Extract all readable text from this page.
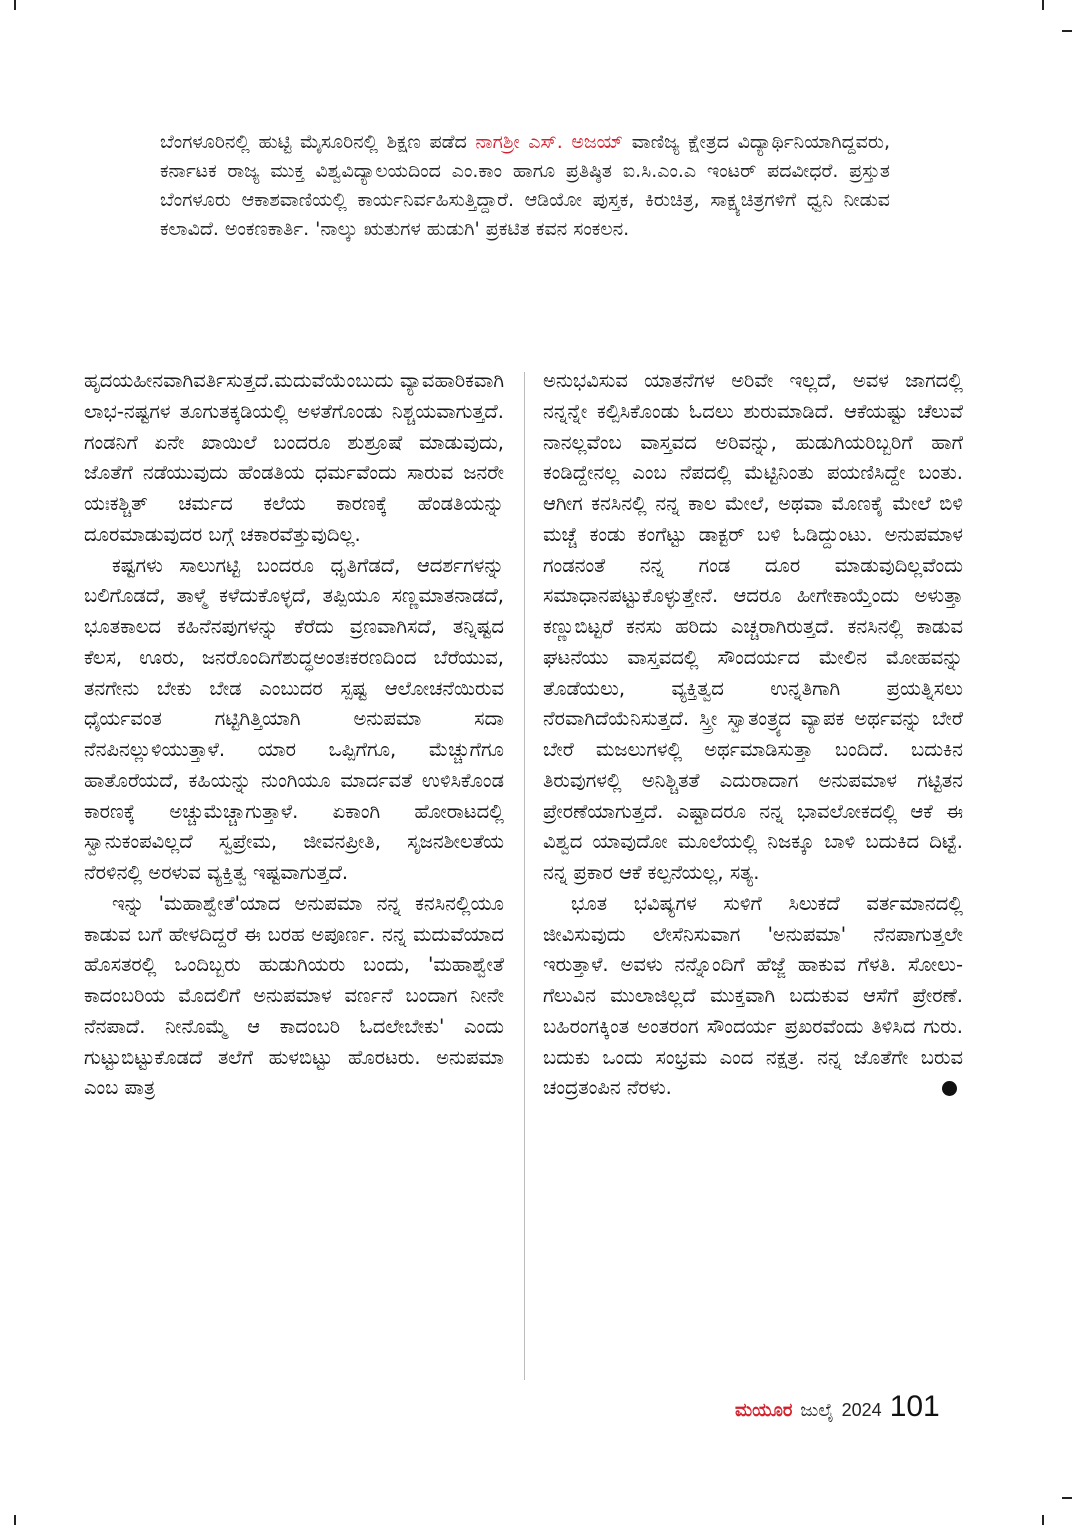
ಬೆಂಗಳೂರಿನಲ್ಲಿ ಹುಟ್ಟಿ ಮೈಸೂರಿನಲ್ಲಿ ಶಿಕ್ಷಣ ಪಡೆದ ನಾಗಶ್ರೀ ಎಸ್. ಅಜಯ್ ವಾಣಿಜ್ಯ ಕ್ಷೇತ್ರದ ವಿದ್ಯಾರ್ಥಿನಿಯಾಗಿದ್ದವರು, ಕರ್ನಾಟಕ ರಾಜ್ಯ ಮುಕ್ತ ವಿಶ್ವವಿದ್ಯಾಲಯದಿಂದ ಎಂ.ಕಾಂ ಹಾಗೂ ಪ್ರತಿಷ್ಠಿತ ಐ.ಸಿ.ಎಂ.ಎ ಇಂಟರ್ ಪದವೀಧರೆ. ಪ್ರಸ್ತುತ ಬೆಂಗಳೂರು ಆಕಾಶವಾಣಿಯಲ್ಲಿ ಕಾರ್ಯನಿರ್ವಹಿಸುತ್ತಿದ್ದಾರೆ. ಆಡಿಯೋ ಪುಸ್ತಕ, ಕಿರುಚಿತ್ರ, ಸಾಕ್ಷ್ಯಚಿತ್ರಗಳಿಗೆ ಧ್ವನಿ ನೀಡುವ ಕಲಾವಿದೆ. ಅಂಕಣಕಾರ್ತಿ. 'ನಾಲ್ಕು ಋತುಗಳ ಹುಡುಗಿ' ಪ್ರಕಟಿತ ಕವನ ಸಂಕಲನ.

ಹೃದಯಹೀನವಾಗಿವರ್ತಿಸುತ್ತದೆ.ಮದುವೆಯೆಂಬುದು ವ್ಯಾವಹಾರಿಕವಾಗಿ ಲಾಭ-ನಷ್ಟಗಳ ತೂಗುತಕ್ಕಡಿಯಲ್ಲಿ ಅಳತೆಗೊಂಡು ನಿಶ್ಚಯವಾಗುತ್ತದೆ. ಗಂಡನಿಗೆ ಏನೇ ಖಾಯಿಲೆ ಬಂದರೂ ಶುಶ್ರೂಷೆ ಮಾಡುವುದು, ಜೊತೆಗೆ ನಡೆಯುವುದು ಹೆಂಡತಿಯ ಧರ್ಮವೆಂದು ಸಾರುವ ಜನರೇ ಯಃಕಶ್ಚಿತ್ ಚರ್ಮದ ಕಲೆಯ ಕಾರಣಕ್ಕೆ ಹೆಂಡತಿಯನ್ನು ದೂರಮಾಡುವುದರ ಬಗ್ಗೆ ಚಕಾರವೆತ್ತುವುದಿಲ್ಲ.

ಕಷ್ಟಗಳು ಸಾಲುಗಟ್ಟಿ ಬಂದರೂ ಧೃತಿಗೆಡದೆ, ಆದರ್ಶಗಳನ್ನು ಬಲಿಗೊಡದೆ, ತಾಳ್ಮೆ ಕಳೆದುಕೊಳ್ಳದೆ, ತಪ್ಪಿಯೂ ಸಣ್ಣಮಾತನಾಡದೆ, ಭೂತಕಾಲದ ಕಹಿನೆನಪುಗಳನ್ನು ಕೆರೆದು ವ್ರಣವಾಗಿಸದೆ, ತನ್ನಿಷ್ಟದ ಕೆಲಸ, ಊರು, ಜನರೊಂದಿಗೆಶುದ್ಧಅಂತಃಕರಣದಿಂದ ಬೆರೆಯುವ, ತನಗೇನು ಬೇಕು ಬೇಡ ಎಂಬುದರ ಸ್ಪಷ್ಟ ಆಲೋಚನೆಯಿರುವ ಧೈರ್ಯವಂತ ಗಟ್ಟಿಗಿತ್ತಿಯಾಗಿ ಅನುಪಮಾ ಸದಾ ನೆನಪಿನಲ್ಲುಳಿಯುತ್ತಾಳೆ. ಯಾರ ಒಪ್ಪಿಗೆಗೂ, ಮೆಚ್ಚುಗೆಗೂ ಹಾತೊರೆಯದೆ, ಕಹಿಯನ್ನು ನುಂಗಿಯೂ ಮಾರ್ದವತೆ ಉಳಿಸಿಕೊಂಡ ಕಾರಣಕ್ಕೆ ಅಚ್ಚುಮೆಚ್ಚಾಗುತ್ತಾಳೆ. ಏಕಾಂಗಿ ಹೋರಾಟದಲ್ಲಿ ಸ್ವಾನುಕಂಪವಿಲ್ಲದೆ ಸ್ವಪ್ರೇಮ, ಜೀವನಪ್ರೀತಿ, ಸೃಜನಶೀಲತೆಯ ನೆರಳಿನಲ್ಲಿ ಅರಳುವ ವ್ಯಕ್ತಿತ್ವ ಇಷ್ಟವಾಗುತ್ತದೆ.

ಇನ್ನು 'ಮಹಾಶ್ವೇತೆ'ಯಾದ ಅನುಪಮಾ ನನ್ನ ಕನಸಿನಲ್ಲಿಯೂ ಕಾಡುವ ಬಗೆ ಹೇಳದಿದ್ದರೆ ಈ ಬರಹ ಅಪೂರ್ಣ. ನನ್ನ ಮದುವೆಯಾದ ಹೊಸತರಲ್ಲಿ ಒಂದಿಬ್ಬರು ಹುಡುಗಿಯರು ಬಂದು, 'ಮಹಾಶ್ವೇತೆ ಕಾದಂಬರಿಯ ಮೊದಲಿಗೆ ಅನುಪಮಾಳ ವರ್ಣನೆ ಬಂದಾಗ ನೀನೇ ನೆನಪಾದೆ. ನೀನೊಮ್ಮೆ ಆ ಕಾದಂಬರಿ ಓದಲೇಬೇಕು' ಎಂದು ಗುಟ್ಟುಬಿಟ್ಟುಕೊಡದೆ ತಲೆಗೆ ಹುಳಬಿಟ್ಟು ಹೊರಟರು. ಅನುಪಮಾ ಎಂಬ ಪಾತ್ರ

ಅನುಭವಿಸುವ ಯಾತನೆಗಳ ಅರಿವೇ ಇಲ್ಲದೆ, ಅವಳ ಜಾಗದಲ್ಲಿ ನನ್ನನ್ನೇ ಕಲ್ಪಿಸಿಕೊಂಡು ಓದಲು ಶುರುಮಾಡಿದೆ. ಆಕೆಯಷ್ಟು ಚೆಲುವೆ ನಾನಲ್ಲವೆಂಬ ವಾಸ್ತವದ ಅರಿವನ್ನು, ಹುಡುಗಿಯರಿಬ್ಬರಿಗೆ ಹಾಗೆ ಕಂಡಿದ್ದೇನಲ್ಲ ಎಂಬ ನೆಪದಲ್ಲಿ ಮೆಟ್ಟಿನಿಂತು ಪಯಣಿಸಿದ್ದೇ ಬಂತು. ಆಗೀಗ ಕನಸಿನಲ್ಲಿ ನನ್ನ ಕಾಲ ಮೇಲೆ, ಅಥವಾ ಮೊಣಕೈ ಮೇಲೆ ಬಿಳಿ ಮಚ್ಚೆ ಕಂಡು ಕಂಗೆಟ್ಟು ಡಾಕ್ಟರ್ ಬಳಿ ಓಡಿದ್ದುಂಟು. ಅನುಪಮಾಳ ಗಂಡನಂತೆ ನನ್ನ ಗಂಡ ದೂರ ಮಾಡುವುದಿಲ್ಲವೆಂದು ಸಮಾಧಾನಪಟ್ಟುಕೊಳ್ಳುತ್ತೇನೆ. ಆದರೂ ಹೀಗೇಕಾಯ್ತೆಂದು ಅಳುತ್ತಾ ಕಣ್ಣುಬಿಟ್ಟರೆ ಕನಸು ಹರಿದು ಎಚ್ಚರಾಗಿರುತ್ತದೆ. ಕನಸಿನಲ್ಲಿ ಕಾಡುವ ಘಟನೆಯು ವಾಸ್ತವದಲ್ಲಿ ಸೌಂದರ್ಯದ ಮೇಲಿನ ಮೋಹವನ್ನು ತೊಡೆಯಲು, ವ್ಯಕ್ತಿತ್ವದ ಉನ್ನತಿಗಾಗಿ ಪ್ರಯತ್ನಿಸಲು ನೆರವಾಗಿದೆಯೆನಿಸುತ್ತದೆ. ಸ್ತ್ರೀ ಸ್ವಾತಂತ್ರ್ಯದ ವ್ಯಾಪಕ ಅರ್ಥವನ್ನು ಬೇರೆ ಬೇರೆ ಮಜಲುಗಳಲ್ಲಿ ಅರ್ಥಮಾಡಿಸುತ್ತಾ ಬಂದಿದೆ. ಬದುಕಿನ ತಿರುವುಗಳಲ್ಲಿ ಅನಿಶ್ಚಿತತೆ ಎದುರಾದಾಗ ಅನುಪಮಾಳ ಗಟ್ಟಿತನ ಪ್ರೇರಣೆಯಾಗುತ್ತದೆ. ಎಷ್ಟಾದರೂ ನನ್ನ ಭಾವಲೋಕದಲ್ಲಿ ಆಕೆ ಈ ವಿಶ್ವದ ಯಾವುದೋ ಮೂಲೆಯಲ್ಲಿ ನಿಜಕ್ಕೂ ಬಾಳಿ ಬದುಕಿದ ದಿಟ್ಟೆ. ನನ್ನ ಪ್ರಕಾರ ಆಕೆ ಕಲ್ಪನೆಯಲ್ಲ, ಸತ್ಯ.

ಭೂತ ಭವಿಷ್ಯಗಳ ಸುಳಿಗೆ ಸಿಲುಕದೆ ವರ್ತಮಾನದಲ್ಲಿ ಜೀವಿಸುವುದು ಲೇಸೆನಿಸುವಾಗ 'ಅನುಪಮಾ' ನೆನಪಾಗುತ್ತಲೇ ಇರುತ್ತಾಳೆ. ಅವಳು ನನ್ನೊಂದಿಗೆ ಹೆಜ್ಜೆ ಹಾಕುವ ಗೆಳತಿ. ಸೋಲು-ಗೆಲುವಿನ ಮುಲಾಜಿಲ್ಲದೆ ಮುಕ್ತವಾಗಿ ಬದುಕುವ ಆಸೆಗೆ ಪ್ರೇರಣೆ. ಬಹಿರಂಗಕ್ಕಿಂತ ಅಂತರಂಗ ಸೌಂದರ್ಯ ಪ್ರಖರವೆಂದು ತಿಳಿಸಿದ ಗುರು. ಬದುಕು ಒಂದು ಸಂಭ್ರಮ ಎಂದ ನಕ್ಷತ್ರ. ನನ್ನ ಜೊತೆಗೇ ಬರುವ ಚಂದ್ರತಂಪಿನ ನೆರಳು.

ಮಯೂರ ಜುಲೈ 2024 101
